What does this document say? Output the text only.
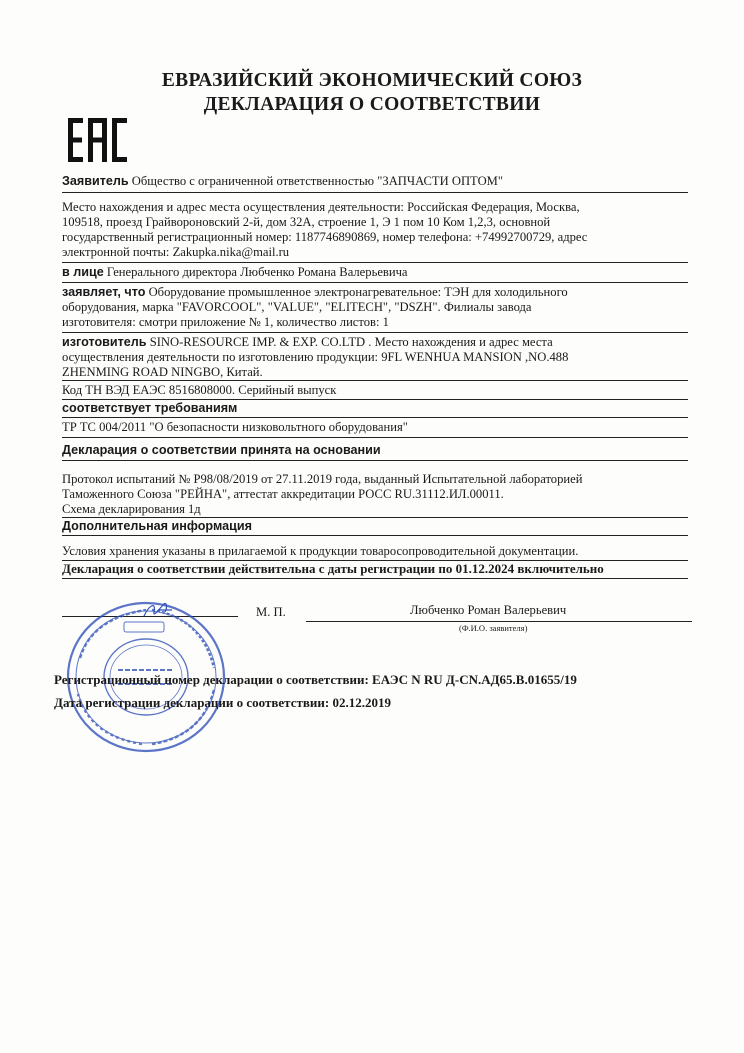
ЕВРАЗИЙСКИЙ ЭКОНОМИЧЕСКИЙ СОЮЗ
ДЕКЛАРАЦИЯ О СООТВЕТСТВИИ
Заявитель Общество с ограниченной ответственностью "ЗАПЧАСТИ ОПТОМ"
Место нахождения и адрес места осуществления деятельности: Российская Федерация, Москва,
109518, проезд Грайвороновский 2-й, дом 32А, строение 1, Э 1 пом 10 Ком 1,2,3, основной
государственный регистрационный номер: 1187746890869, номер телефона: +74992700729, адрес
электронной почты: Zakupka.nika@mail.ru
в лице Генерального директора Любченко Романа Валерьевича
заявляет, что Оборудование промышленное электронагревательное: ТЭН для холодильного
оборудования, марка "FAVORCOOL", "VALUE", "ELITECH", "DSZH". Филиалы завода
изготовителя: смотри приложение № 1, количество листов: 1
изготовитель SINO-RESOURCE IMP. & EXP. CO.LTD . Место нахождения и адрес места
осуществления деятельности по изготовлению продукции: 9FL WENHUA MANSION ,NO.488
ZHENMING ROAD NINGBO, Китай.
Код ТН ВЭД ЕАЭС 8516808000. Серийный выпуск
соответствует требованиям
ТР ТС 004/2011 "О безопасности низковольтного оборудования"
Декларация о соответствии принята на основании
Протокол испытаний № Р98/08/2019 от 27.11.2019 года, выданный Испытательной лабораторией
Таможенного Союза "РЕЙНА", аттестат аккредитации РОСС RU.31112.ИЛ.00011.
Схема декларирования 1д
Дополнительная информация
Условия хранения указаны в прилагаемой к продукции товаросопроводительной документации.
Декларация о соответствии действительна с даты регистрации по 01.12.2024 включительно
М. П.	Любченко Роман Валерьевич
(Ф.И.О. заявителя)
Регистрационный номер декларации о соответствии: ЕАЭС N RU Д-CN.АД65.В.01655/19
Дата регистрации декларации о соответствии: 02.12.2019
